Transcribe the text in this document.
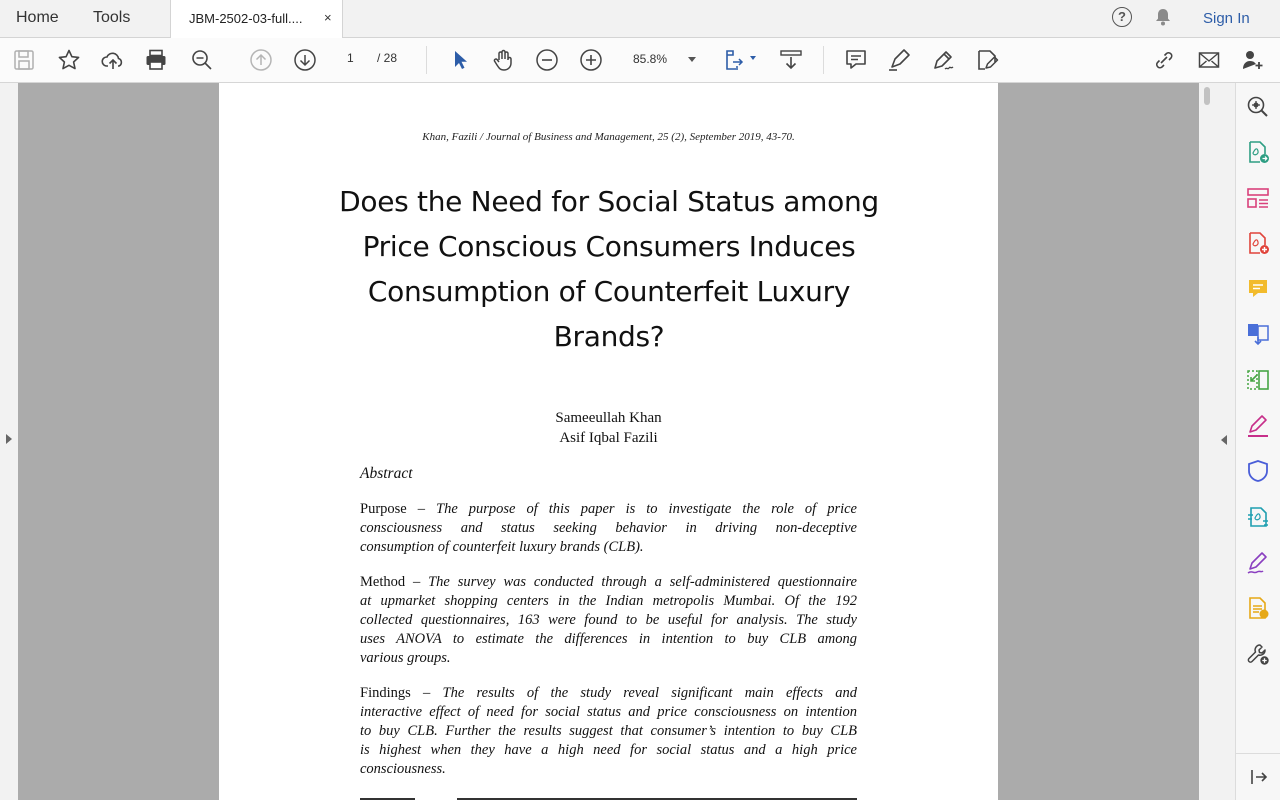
Home Tools	JBM-2502-03-full.... ×	?	Sign In
1 / 28	85.8%
Khan, Fazili / Journal of Business and Management, 25 (2), September 2019, 43-70.
Does the Need for Social Status among
Price Conscious Consumers Induces
Consumption of Counterfeit Luxury
Brands?
Sameeullah Khan
Asif Iqbal Fazili
Abstract
Purpose – The purpose of this paper is to investigate the role of price
consciousness and status seeking behavior in driving non-deceptive
consumption of counterfeit luxury brands (CLB).
Method – The survey was conducted through a self-administered questionnaire
at upmarket shopping centers in the Indian metropolis Mumbai. Of the 192
collected questionnaires, 163 were found to be useful for analysis. The study
uses ANOVA to estimate the differences in intention to buy CLB among
various groups.
Findings – The results of the study reveal significant main effects and
interactive effect of need for social status and price consciousness on intention
to buy CLB. Further the results suggest that consumer’s intention to buy CLB
is highest when they have a high need for social status and a high price
consciousness.
